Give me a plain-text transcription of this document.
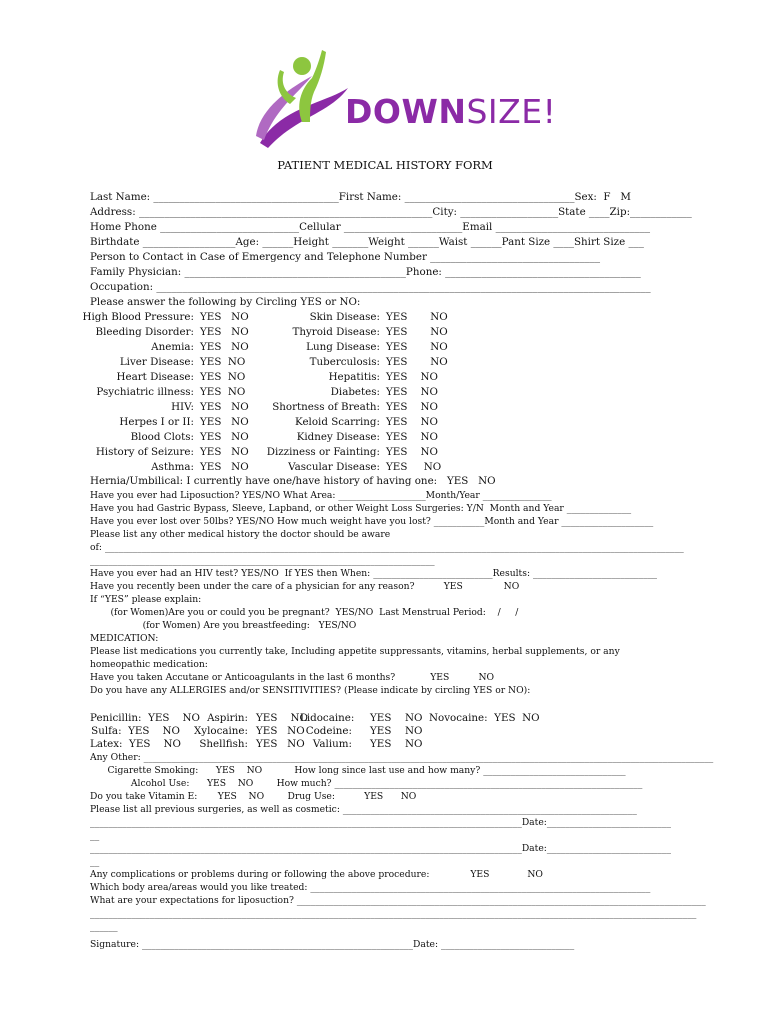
DOWNSIZE!
PATIENT MEDICAL HISTORY FORM
Last Name: ____________________________________First Name: _________________________________Sex:  F   M
Address: _________________________________________________________City: ___________________State ____Zip:____________
Home Phone ___________________________Cellular _______________________Email ______________________________
Birthdate __________________Age: ______Height _______Weight ______Waist ______Pant Size ____Shirt Size ___
Person to Contact in Case of Emergency and Telephone Number _________________________________
Family Physician: ___________________________________________Phone: ______________________________________
Occupation: ________________________________________________________________________________________________
Please answer the following by Circling YES or NO:
High Blood Pressure: YES   NO
Bleeding Disorder: YES   NO
Anemia: YES   NO
Liver Disease: YES  NO
Heart Disease: YES  NO
Psychiatric illness: YES  NO
HIV: YES   NO
Herpes I or II: YES   NO
Blood Clots: YES   NO
History of Seizure: YES   NO
Asthma: YES   NO
Skin Disease: YES       NO
Thyroid Disease: YES       NO
Lung Disease: YES       NO
Tuberculosis: YES       NO
Hepatitis: YES    NO
Diabetes: YES    NO
Shortness of Breath: YES    NO
Keloid Scarring: YES    NO
Kidney Disease: YES    NO
Dizziness or Fainting: YES    NO
Vascular Disease: YES     NO
Hernia/Umbilical: I currently have one/have history of having one:   YES   NO
Have you ever had Liposuction? YES/NO What Area: ___________________Month/Year _______________
Have you had Gastric Bypass, Sleeve, Lapband, or other Weight Loss Surgeries: Y/N  Month and Year ______________
Have you ever lost over 50lbs? YES/NO How much weight have you lost? ___________Month and Year ____________________
Please list any other medical history the doctor should be aware
of: ______________________________________________________________________________________________________________________________
___________________________________________________________________________
Have you ever had an HIV test? YES/NO  If YES then When: __________________________Results: ___________________________
Have you recently been under the care of a physician for any reason?          YES              NO
If “YES” please explain:
(for Women)Are you or could you be pregnant?  YES/NO  Last Menstrual Period:    /     /
(for Women) Are you breastfeeding:   YES/NO
MEDICATION:
Please list medications you currently take, Including appetite suppressants, vitamins, herbal supplements, or any
homeopathic medication:
Have you taken Accutane or Anticoagulants in the last 6 months?            YES          NO
Do you have any ALLERGIES and/or SENSITIVITIES? (Please indicate by circling YES or NO):
Penicillin:  YES    NO Aspirin: YES    NO
Lidocaine: YES NO  Novocaine:  YES  NO
Sulfa:  YES    NO	Xylocaine: YES   NO Codeine: YES NO
Latex:  YES    NO	Shellfish: YES   NO Valium: YES NO
Any Other: ____________________________________________________________________________________________________________________________
Cigarette Smoking:      YES    NO           How long since last use and how many? _______________________________
Alcohol Use:      YES    NO        How much? ___________________________________________________________________
Do you take Vitamin E:       YES    NO        Drug Use:          YES      NO
Please list all previous surgeries, as well as cosmetic: ________________________________________________________________
______________________________________________________________________________________________Date:___________________________
__
______________________________________________________________________________________________Date:___________________________
__
Any complications or problems during or following the above procedure:              YES             NO
Which body area/areas would you like treated: __________________________________________________________________________
What are your expectations for liposuction? _________________________________________________________________________________________
____________________________________________________________________________________________________________________________________
______
Signature: ___________________________________________________________Date: _____________________________
